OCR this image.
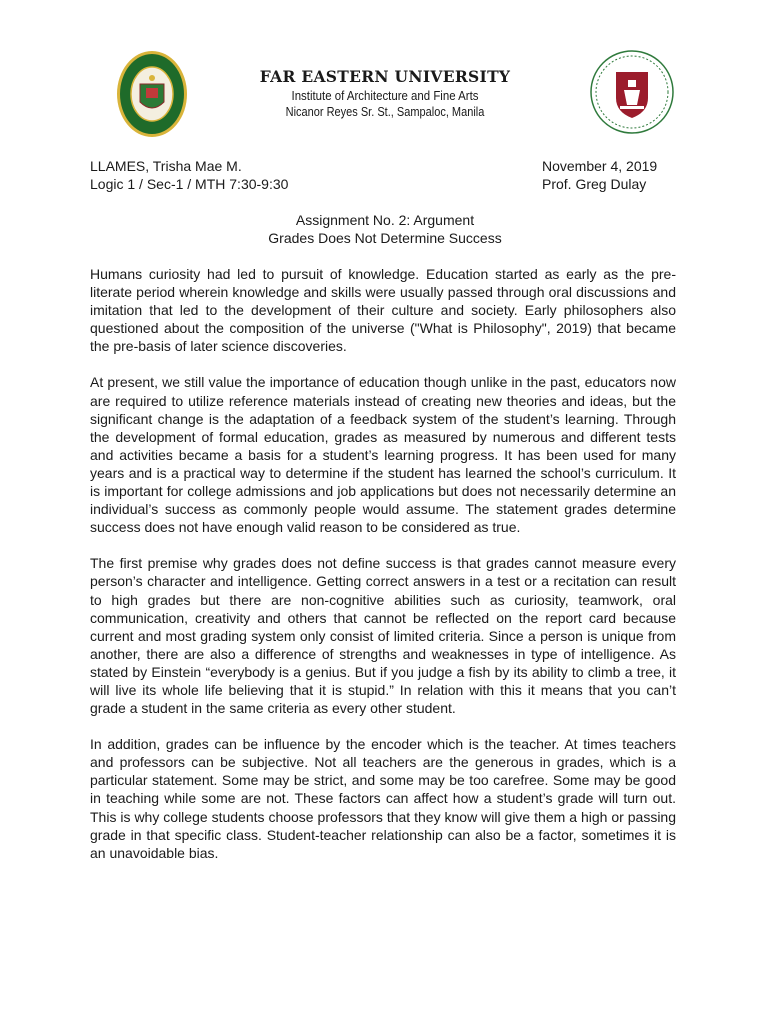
FAR EASTERN UNIVERSITY
Institute of Architecture and Fine Arts
Nicanor Reyes Sr. St., Sampaloc, Manila
LLAMES, Trisha Mae M.
Logic 1 / Sec-1 / MTH 7:30-9:30
November 4, 2019
Prof. Greg Dulay
Assignment No. 2: Argument
Grades Does Not Determine Success

Humans curiosity had led to pursuit of knowledge. Education started as early as the pre-literate period wherein knowledge and skills were usually passed through oral discussions and imitation that led to the development of their culture and society. Early philosophers also questioned about the composition of the universe ("What is Philosophy", 2019) that became the pre-basis of later science discoveries.

At present, we still value the importance of education though unlike in the past, educators now are required to utilize reference materials instead of creating new theories and ideas, but the significant change is the adaptation of a feedback system of the student’s learning. Through the development of formal education, grades as measured by numerous and different tests and activities became a basis for a student’s learning progress. It has been used for many years and is a practical way to determine if the student has learned the school’s curriculum. It is important for college admissions and job applications but does not necessarily determine an individual’s success as commonly people would assume. The statement grades determine success does not have enough valid reason to be considered as true.

The first premise why grades does not define success is that grades cannot measure every person’s character and intelligence. Getting correct answers in a test or a recitation can result to high grades but there are non-cognitive abilities such as curiosity, teamwork, oral communication, creativity and others that cannot be reflected on the report card because current and most grading system only consist of limited criteria. Since a person is unique from another, there are also a difference of strengths and weaknesses in type of intelligence. As stated by Einstein “everybody is a genius. But if you judge a fish by its ability to climb a tree, it will live its whole life believing that it is stupid.” In relation with this it means that you can’t grade a student in the same criteria as every other student.

In addition, grades can be influence by the encoder which is the teacher. At times teachers and professors can be subjective. Not all teachers are the generous in grades, which is a particular statement. Some may be strict, and some may be too carefree. Some may be good in teaching while some are not. These factors can affect how a student’s grade will turn out. This is why college students choose professors that they know will give them a high or passing grade in that specific class. Student-teacher relationship can also be a factor, sometimes it is an unavoidable bias.
